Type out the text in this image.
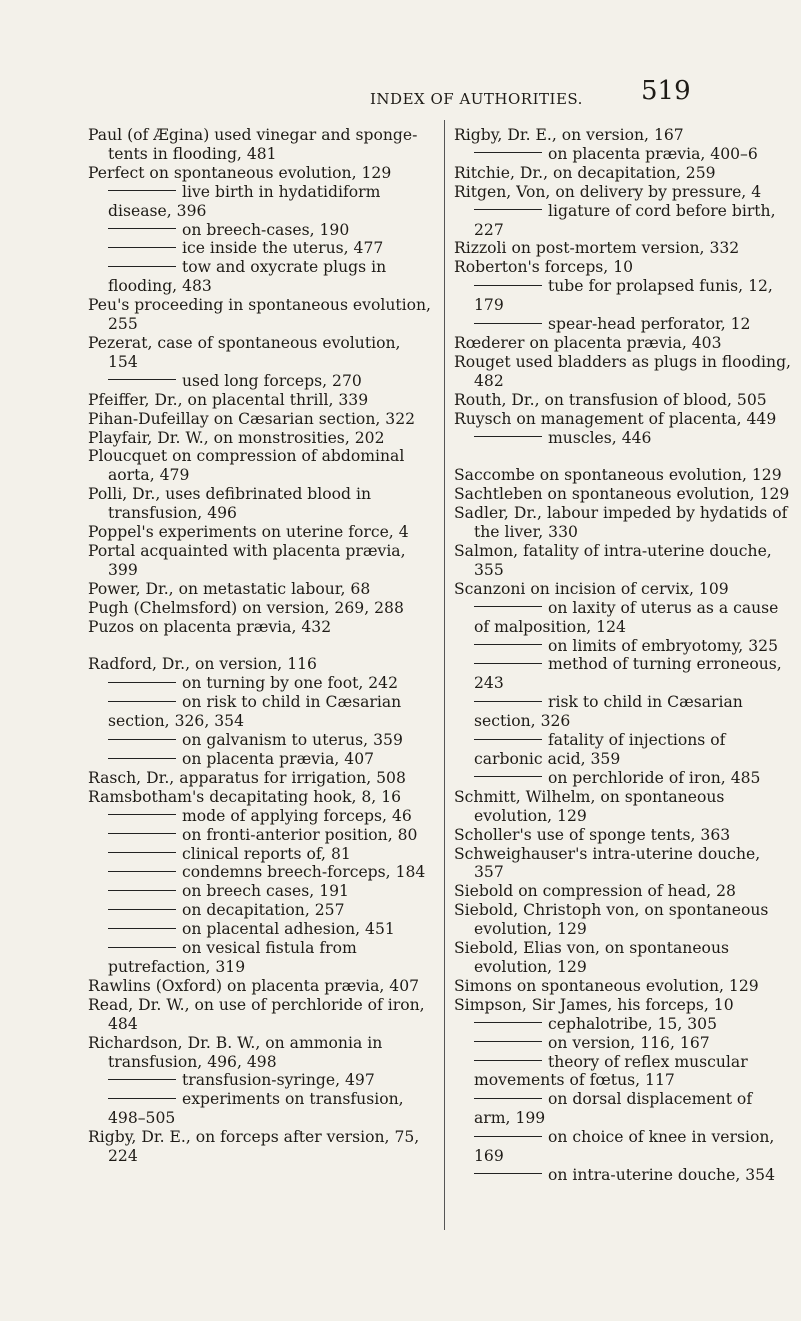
INDEX OF AUTHORITIES. 519

Paul (of Ægina) used vinegar and sponge-tents in flooding, 481

Perfect on spontaneous evolution, 129

live birth in hydatidiform disease, 396

on breech-cases, 190

ice inside the uterus, 477

tow and oxycrate plugs in flooding, 483

Peu's proceeding in spontaneous evolution, 255

Pezerat, case of spontaneous evolution, 154

used long forceps, 270

Pfeiffer, Dr., on placental thrill, 339

Pihan-Dufeillay on Cæsarian section, 322

Playfair, Dr. W., on monstrosities, 202

Ploucquet on compression of abdominal aorta, 479

Polli, Dr., uses defibrinated blood in transfusion, 496

Poppel's experiments on uterine force, 4

Portal acquainted with placenta prævia, 399

Power, Dr., on metastatic labour, 68

Pugh (Chelmsford) on version, 269, 288

Puzos on placenta prævia, 432

Radford, Dr., on version, 116

on turning by one foot, 242

on risk to child in Cæsarian section, 326, 354

on galvanism to uterus, 359

on placenta prævia, 407

Rasch, Dr., apparatus for irrigation, 508

Ramsbotham's decapitating hook, 8, 16

mode of applying forceps, 46

on fronti-anterior position, 80

clinical reports of, 81

condemns breech-forceps, 184

on breech cases, 191

on decapitation, 257

on placental adhesion, 451

on vesical fistula from putrefaction, 319

Rawlins (Oxford) on placenta prævia, 407

Read, Dr. W., on use of perchloride of iron, 484

Richardson, Dr. B. W., on ammonia in transfusion, 496, 498

transfusion-syringe, 497

experiments on transfusion, 498–505

Rigby, Dr. E., on forceps after version, 75, 224

Rigby, Dr. E., on version, 167

on placenta prævia, 400–6

Ritchie, Dr., on decapitation, 259

Ritgen, Von, on delivery by pressure, 4

ligature of cord before birth, 227

Rizzoli on post-mortem version, 332

Roberton's forceps, 10

tube for prolapsed funis, 12, 179

spear-head perforator, 12

Rœderer on placenta prævia, 403

Rouget used bladders as plugs in flooding, 482

Routh, Dr., on transfusion of blood, 505

Ruysch on management of placenta, 449

muscles, 446

Saccombe on spontaneous evolution, 129

Sachtleben on spontaneous evolution, 129

Sadler, Dr., labour impeded by hydatids of the liver, 330

Salmon, fatality of intra-uterine douche, 355

Scanzoni on incision of cervix, 109

on laxity of uterus as a cause of malposition, 124

on limits of embryotomy, 325

method of turning erroneous, 243

risk to child in Cæsarian section, 326

fatality of injections of carbonic acid, 359

on perchloride of iron, 485

Schmitt, Wilhelm, on spontaneous evolution, 129

Scholler's use of sponge tents, 363

Schweighauser's intra-uterine douche, 357

Siebold on compression of head, 28

Siebold, Christoph von, on spontaneous evolution, 129

Siebold, Elias von, on spontaneous evolution, 129

Simons on spontaneous evolution, 129

Simpson, Sir James, his forceps, 10

cephalotribe, 15, 305

on version, 116, 167

theory of reflex muscular movements of fœtus, 117

on dorsal displacement of arm, 199

on choice of knee in version, 169

on intra-uterine douche, 354
